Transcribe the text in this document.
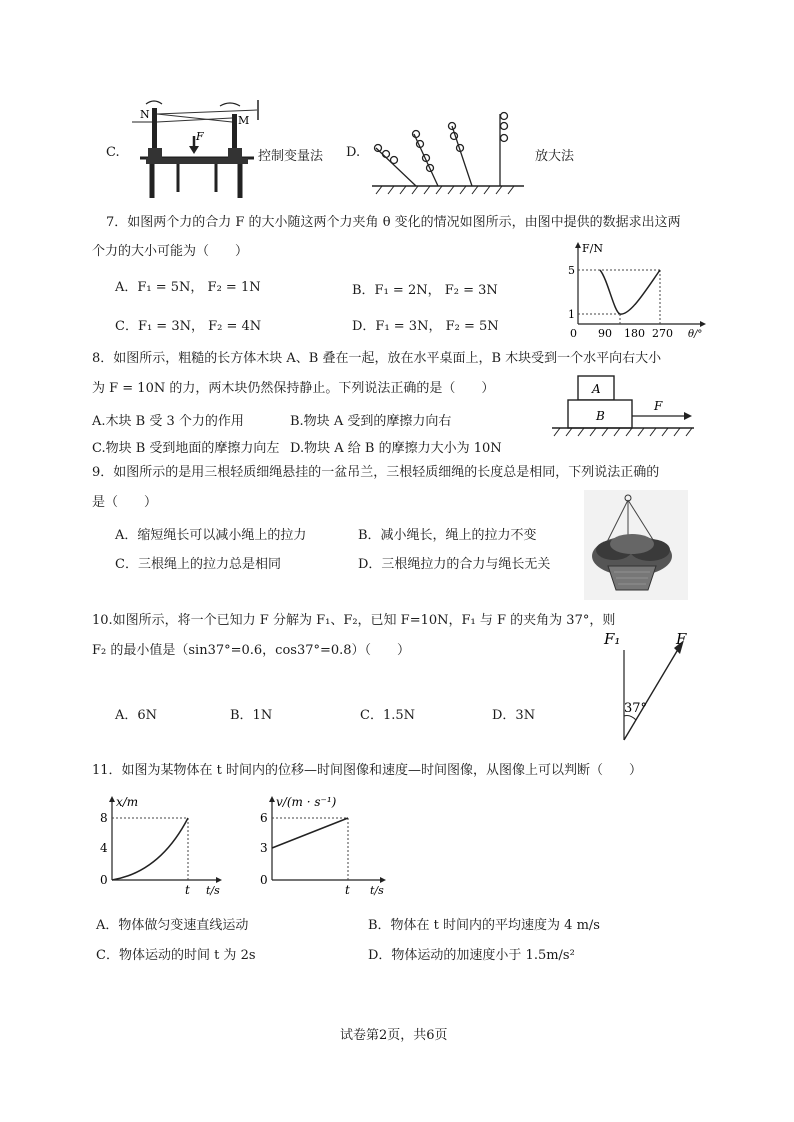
C.
N	M
F
控制变量法 D.	放大法
7．如图两个力的合力 F 的大小随这两个力夹角 θ 变化的情况如图所示，由图中提供的数据求出这两
个力的大小可能为（　　）
A．F₁ = 5N， F₂ = 1N	B．F₁ = 2N， F₂ = 3N
C．F₁ = 3N， F₂ = 4N	D．F₁ = 3N， F₂ = 5N
F/N
5
1
0 90 180 270 θ/°
8．如图所示，粗糙的长方体木块 A、B 叠在一起，放在水平桌面上，B 木块受到一个水平向右大小
为 F = 10N 的力，两木块仍然保持静止。下列说法正确的是（　　）
A.木块 B 受 3 个力的作用	B.物块 A 受到的摩擦力向右
C.物块 B 受到地面的摩擦力向左 D.物块 A 给 B 的摩擦力大小为 10N
A
B
F
9．如图所示的是用三根轻质细绳悬挂的一盆吊兰，三根轻质细绳的长度总是相同，下列说法正确的
是（　　）
A．缩短绳长可以减小绳上的拉力	B．减小绳长，绳上的拉力不变
C．三根绳上的拉力总是相同	D．三根绳拉力的合力与绳长无关
10.如图所示，将一个已知力 F 分解为 F₁、F₂，已知 F=10N，F₁ 与 F 的夹角为 37°，则
F₂ 的最小值是（sin37°=0.6，cos37°=0.8）（　　）
A．6N	B．1N	C．1.5N	D．3N
F₁	F
37°
11．如图为某物体在 t 时间内的位移—时间图像和速度—时间图像，从图像上可以判断（　　）
x/m
8
4
0
t t/s
v/(m · s⁻¹)
6
3
0
t t/s
A．物体做匀变速直线运动	B．物体在 t 时间内的平均速度为 4 m/s
C．物体运动的时间 t 为 2s	D．物体运动的加速度小于 1.5m/s²
试卷第2页，共6页
